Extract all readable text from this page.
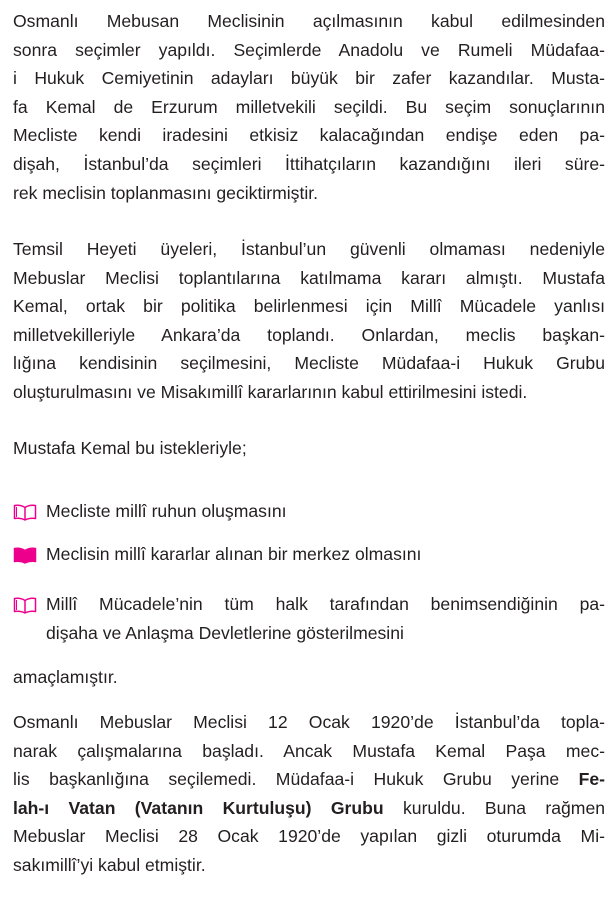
Osmanlı Mebusan Meclisinin açılmasının kabul edilmesinden
sonra seçimler yapıldı. Seçimlerde Anadolu ve Rumeli Müdafaa-
i Hukuk Cemiyetinin adayları büyük bir zafer kazandılar. Musta-
fa Kemal de Erzurum milletvekili seçildi. Bu seçim sonuçlarının
Mecliste kendi iradesini etkisiz kalacağından endişe eden pa-
dişah, İstanbul’da seçimleri İttihatçıların kazandığını ileri süre-
rek meclisin toplanmasını geciktirmiştir.

Temsil Heyeti üyeleri, İstanbul’un güvenli olmaması nedeniyle
Mebuslar Meclisi toplantılarına katılmama kararı almıştı. Mustafa
Kemal, ortak bir politika belirlenmesi için Millî Mücadele yanlısı
milletvekilleriyle Ankara’da toplandı. Onlardan, meclis başkan-
lığına kendisinin seçilmesini, Mecliste Müdafaa-i Hukuk Grubu
oluşturulmasını ve Misakımillî kararlarının kabul ettirilmesini istedi.

Mustafa Kemal bu istekleriyle;

Mecliste millî ruhun oluşmasını
Meclisin millî kararlar alınan bir merkez olmasını
Millî Mücadele’nin tüm halk tarafından benimsendiğinin pa-
dişaha ve Anlaşma Devletlerine gösterilmesini

amaçlamıştır.

Osmanlı Mebuslar Meclisi 12 Ocak 1920’de İstanbul’da topla-
narak çalışmalarına başladı. Ancak Mustafa Kemal Paşa mec-
lis başkanlığına seçilemedi. Müdafaa-i Hukuk Grubu yerine Fe-
lah-ı Vatan (Vatanın Kurtuluşu) Grubu kuruldu. Buna rağmen
Mebuslar Meclisi 28 Ocak 1920’de yapılan gizli oturumda Mi-
sakımillî’yi kabul etmiştir.
